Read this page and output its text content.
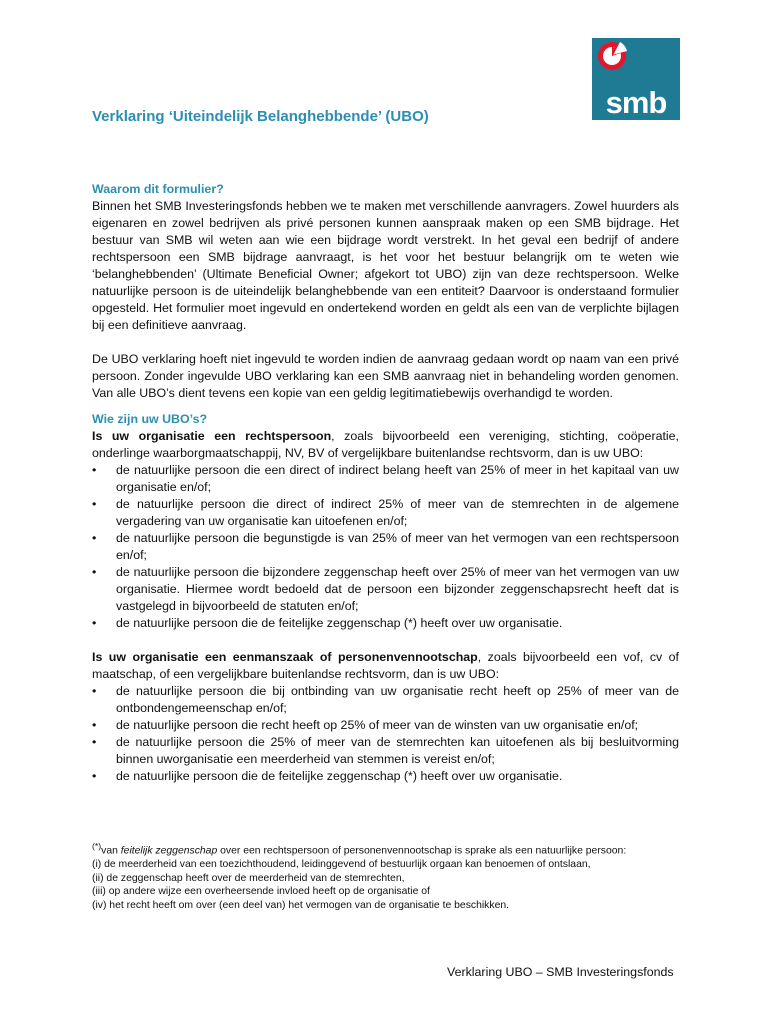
smb
Verklaring ‘Uiteindelijk Belanghebbende’ (UBO)
Waarom dit formulier?

Binnen het SMB Investeringsfonds hebben we te maken met verschillende aanvragers. Zowel huurders als eigenaren en zowel bedrijven als privé personen kunnen aanspraak maken op een SMB bijdrage. Het bestuur van SMB wil weten aan wie een bijdrage wordt verstrekt. In het geval een bedrijf of andere rechtspersoon een SMB bijdrage aanvraagt, is het voor het bestuur belangrijk om te weten wie ‘belanghebbenden’ (Ultimate Beneficial Owner; afgekort tot UBO) zijn van deze rechtspersoon. Welke natuurlijke persoon is de uiteindelijk belanghebbende van een entiteit? Daarvoor is onderstaand formulier opgesteld. Het formulier moet ingevuld en ondertekend worden en geldt als een van de verplichte bijlagen bij een definitieve aanvraag.

De UBO verklaring hoeft niet ingevuld te worden indien de aanvraag gedaan wordt op naam van een privé persoon. Zonder ingevulde UBO verklaring kan een SMB aanvraag niet in behandeling worden genomen. Van alle UBO’s dient tevens een kopie van een geldig legitimatiebewijs overhandigd te worden.

Wie zijn uw UBO’s?

Is uw organisatie een rechtspersoon, zoals bijvoorbeeld een vereniging, stichting, coöperatie, onderlinge waarborgmaatschappij, NV, BV of vergelijkbare buitenlandse rechtsvorm, dan is uw UBO:

• de natuurlijke persoon die een direct of indirect belang heeft van 25% of meer in het kapitaal van uw organisatie en/of;
• de natuurlijke persoon die direct of indirect 25% of meer van de stemrechten in de algemene vergadering van uw organisatie kan uitoefenen en/of;
• de natuurlijke persoon die begunstigde is van 25% of meer van het vermogen van een rechtspersoon en/of;
• de natuurlijke persoon die bijzondere zeggenschap heeft over 25% of meer van het vermogen van uw organisatie. Hiermee wordt bedoeld dat de persoon een bijzonder zeggenschapsrecht heeft dat is vastgelegd in bijvoorbeeld de statuten en/of;
• de natuurlijke persoon die de feitelijke zeggenschap (*) heeft over uw organisatie.

Is uw organisatie een eenmanszaak of personenvennootschap, zoals bijvoorbeeld een vof, cv of maatschap, of een vergelijkbare buitenlandse rechtsvorm, dan is uw UBO:

• de natuurlijke persoon die bij ontbinding van uw organisatie recht heeft op 25% of meer van de ontbondengemeenschap en/of;
• de natuurlijke persoon die recht heeft op 25% of meer van de winsten van uw organisatie en/of;
• de natuurlijke persoon die 25% of meer van de stemrechten kan uitoefenen als bij besluitvorming binnen uworganisatie een meerderheid van stemmen is vereist en/of;
• de natuurlijke persoon die de feitelijke zeggenschap (*) heeft over uw organisatie.
(*)van feitelijk zeggenschap over een rechtspersoon of personenvennootschap is sprake als een natuurlijke persoon:
(i) de meerderheid van een toezichthoudend, leidinggevend of bestuurlijk orgaan kan benoemen of ontslaan,
(ii) de zeggenschap heeft over de meerderheid van de stemrechten,
(iii) op andere wijze een overheersende invloed heeft op de organisatie of
(iv) het recht heeft om over (een deel van) het vermogen van de organisatie te beschikken.
Verklaring UBO – SMB Investeringsfonds
